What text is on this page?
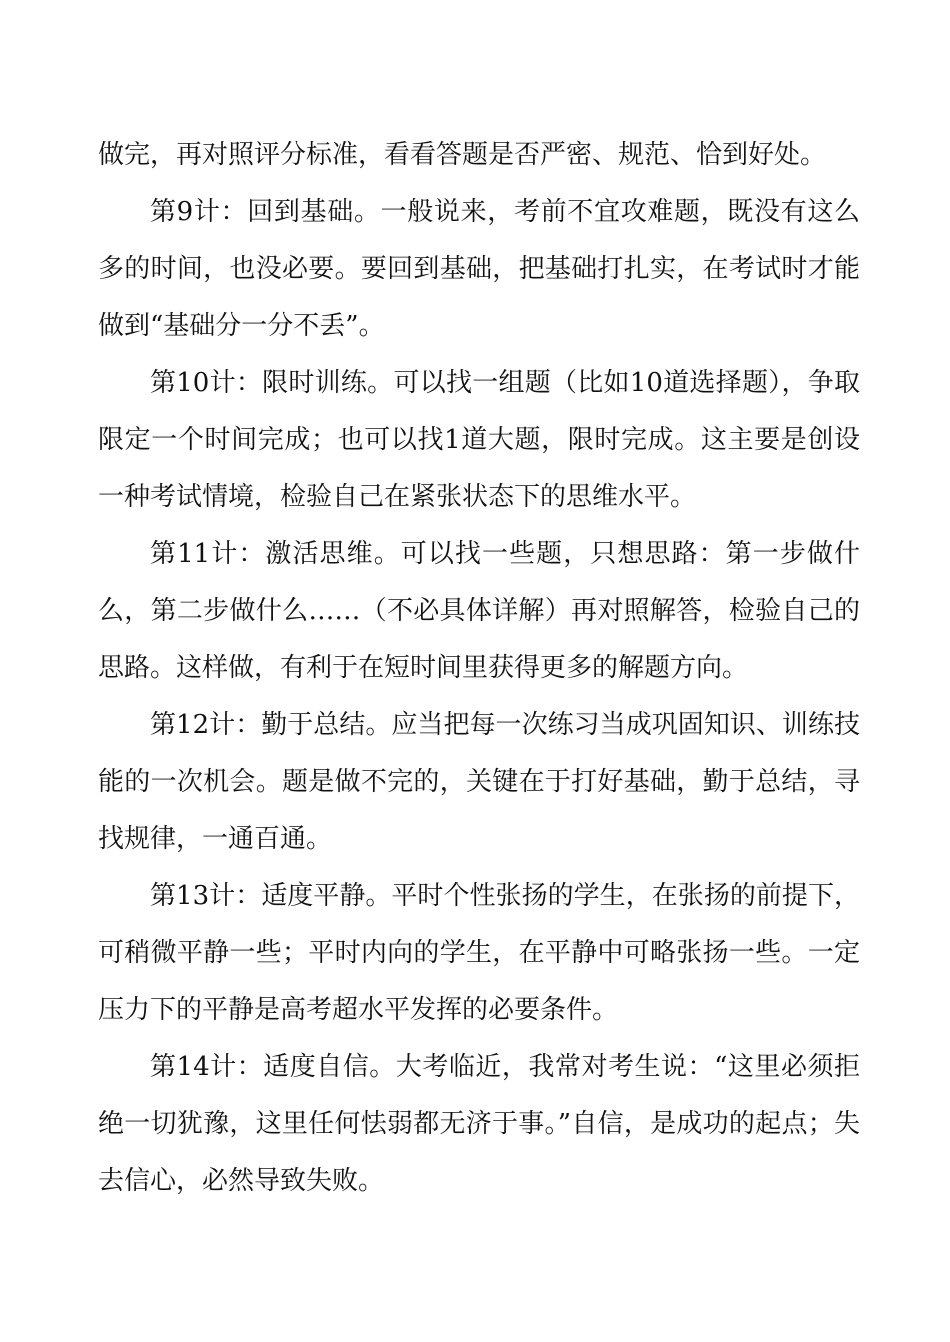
做完，再对照评分标准，看看答题是否严密、规范、恰到好处。

第9计：回到基础。一般说来，考前不宜攻难题，既没有这么多的时间，也没必要。要回到基础，把基础打扎实，在考试时才能做到“基础分一分不丢”。

第10计：限时训练。可以找一组题（比如10道选择题），争取限定一个时间完成；也可以找1道大题，限时完成。这主要是创设一种考试情境，检验自己在紧张状态下的思维水平。

第11计：激活思维。可以找一些题，只想思路：第一步做什么，第二步做什么……（不必具体详解）再对照解答，检验自己的思路。这样做，有利于在短时间里获得更多的解题方向。

第12计：勤于总结。应当把每一次练习当成巩固知识、训练技能的一次机会。题是做不完的，关键在于打好基础，勤于总结，寻找规律，一通百通。

第13计：适度平静。平时个性张扬的学生，在张扬的前提下，可稍微平静一些；平时内向的学生，在平静中可略张扬一些。一定压力下的平静是高考超水平发挥的必要条件。

第14计：适度自信。大考临近，我常对考生说：“这里必须拒绝一切犹豫，这里任何怯弱都无济于事。”自信，是成功的起点；失去信心，必然导致失败。
